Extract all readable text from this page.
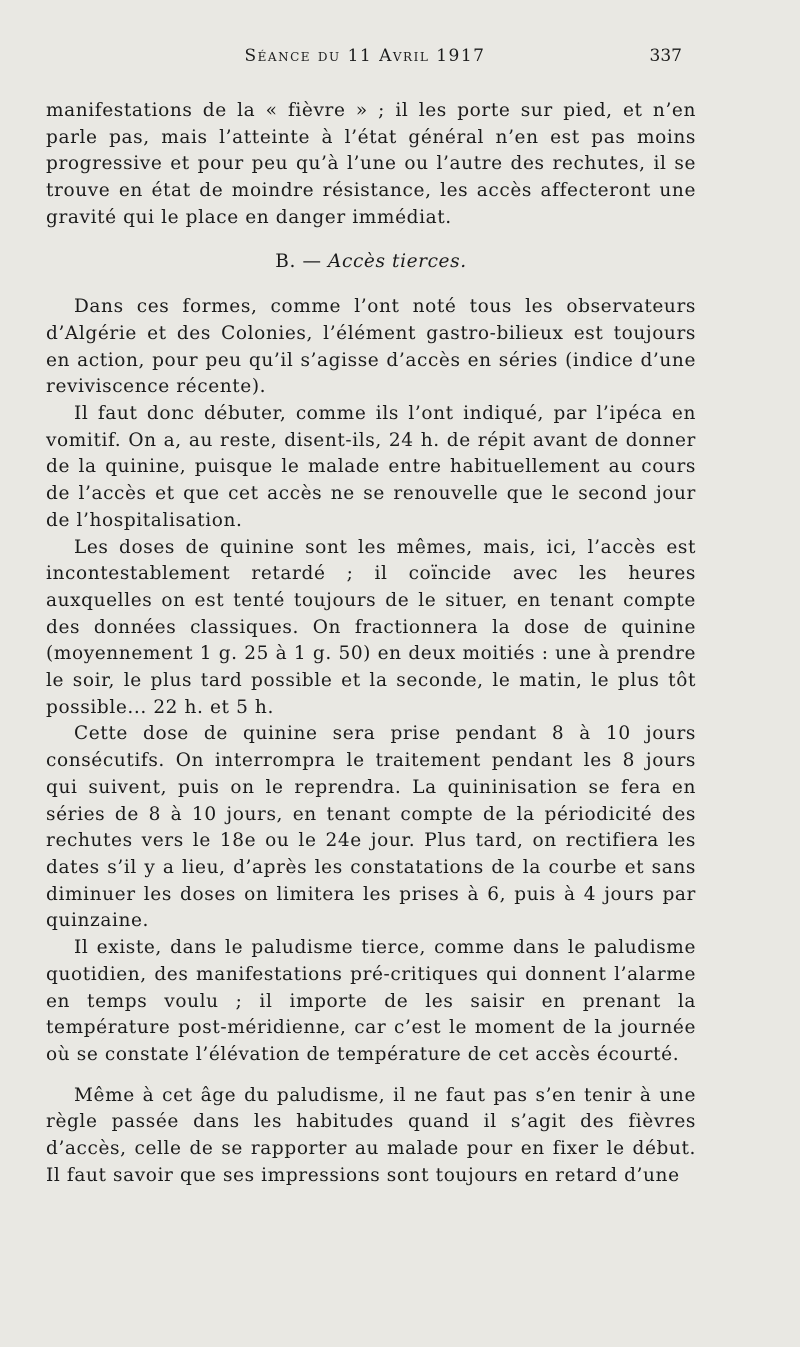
Séance du 11 Avril 1917	337

manifestations de la « fièvre » ; il les porte sur pied, et n’en parle pas, mais l’atteinte à l’état général n’en est pas moins progressive et pour peu qu’à l’une ou l’autre des rechutes, il se trouve en état de moindre résistance, les accès affecteront une gravité qui le place en danger immédiat.

B. — Accès tierces.

Dans ces formes, comme l’ont noté tous les observateurs d’Algérie et des Colonies, l’élément gastro-bilieux est toujours en action, pour peu qu’il s’agisse d’accès en séries (indice d’une reviviscence récente).

Il faut donc débuter, comme ils l’ont indiqué, par l’ipéca en vomitif. On a, au reste, disent-ils, 24 h. de répit avant de donner de la quinine, puisque le malade entre habituellement au cours de l’accès et que cet accès ne se renouvelle que le second jour de l’hospitalisation.

Les doses de quinine sont les mêmes, mais, ici, l’accès est incontestablement retardé ; il coïncide avec les heures auxquelles on est tenté toujours de le situer, en tenant compte des données classiques. On fractionnera la dose de quinine (moyennement 1 g. 25 à 1 g. 50) en deux moitiés : une à prendre le soir, le plus tard possible et la seconde, le matin, le plus tôt possible... 22 h. et 5 h.

Cette dose de quinine sera prise pendant 8 à 10 jours consécutifs. On interrompra le traitement pendant les 8 jours qui suivent, puis on le reprendra. La quininisation se fera en séries de 8 à 10 jours, en tenant compte de la périodicité des rechutes vers le 18e ou le 24e jour. Plus tard, on rectifiera les dates s’il y a lieu, d’après les constatations de la courbe et sans diminuer les doses on limitera les prises à 6, puis à 4 jours par quinzaine.

Il existe, dans le paludisme tierce, comme dans le paludisme quotidien, des manifestations pré-critiques qui donnent l’alarme en temps voulu ; il importe de les saisir en prenant la température post-méridienne, car c’est le moment de la journée où se constate l’élévation de température de cet accès écourté.

Même à cet âge du paludisme, il ne faut pas s’en tenir à une règle passée dans les habitudes quand il s’agit des fièvres d’accès, celle de se rapporter au malade pour en fixer le début. Il faut savoir que ses impressions sont toujours en retard d’une
